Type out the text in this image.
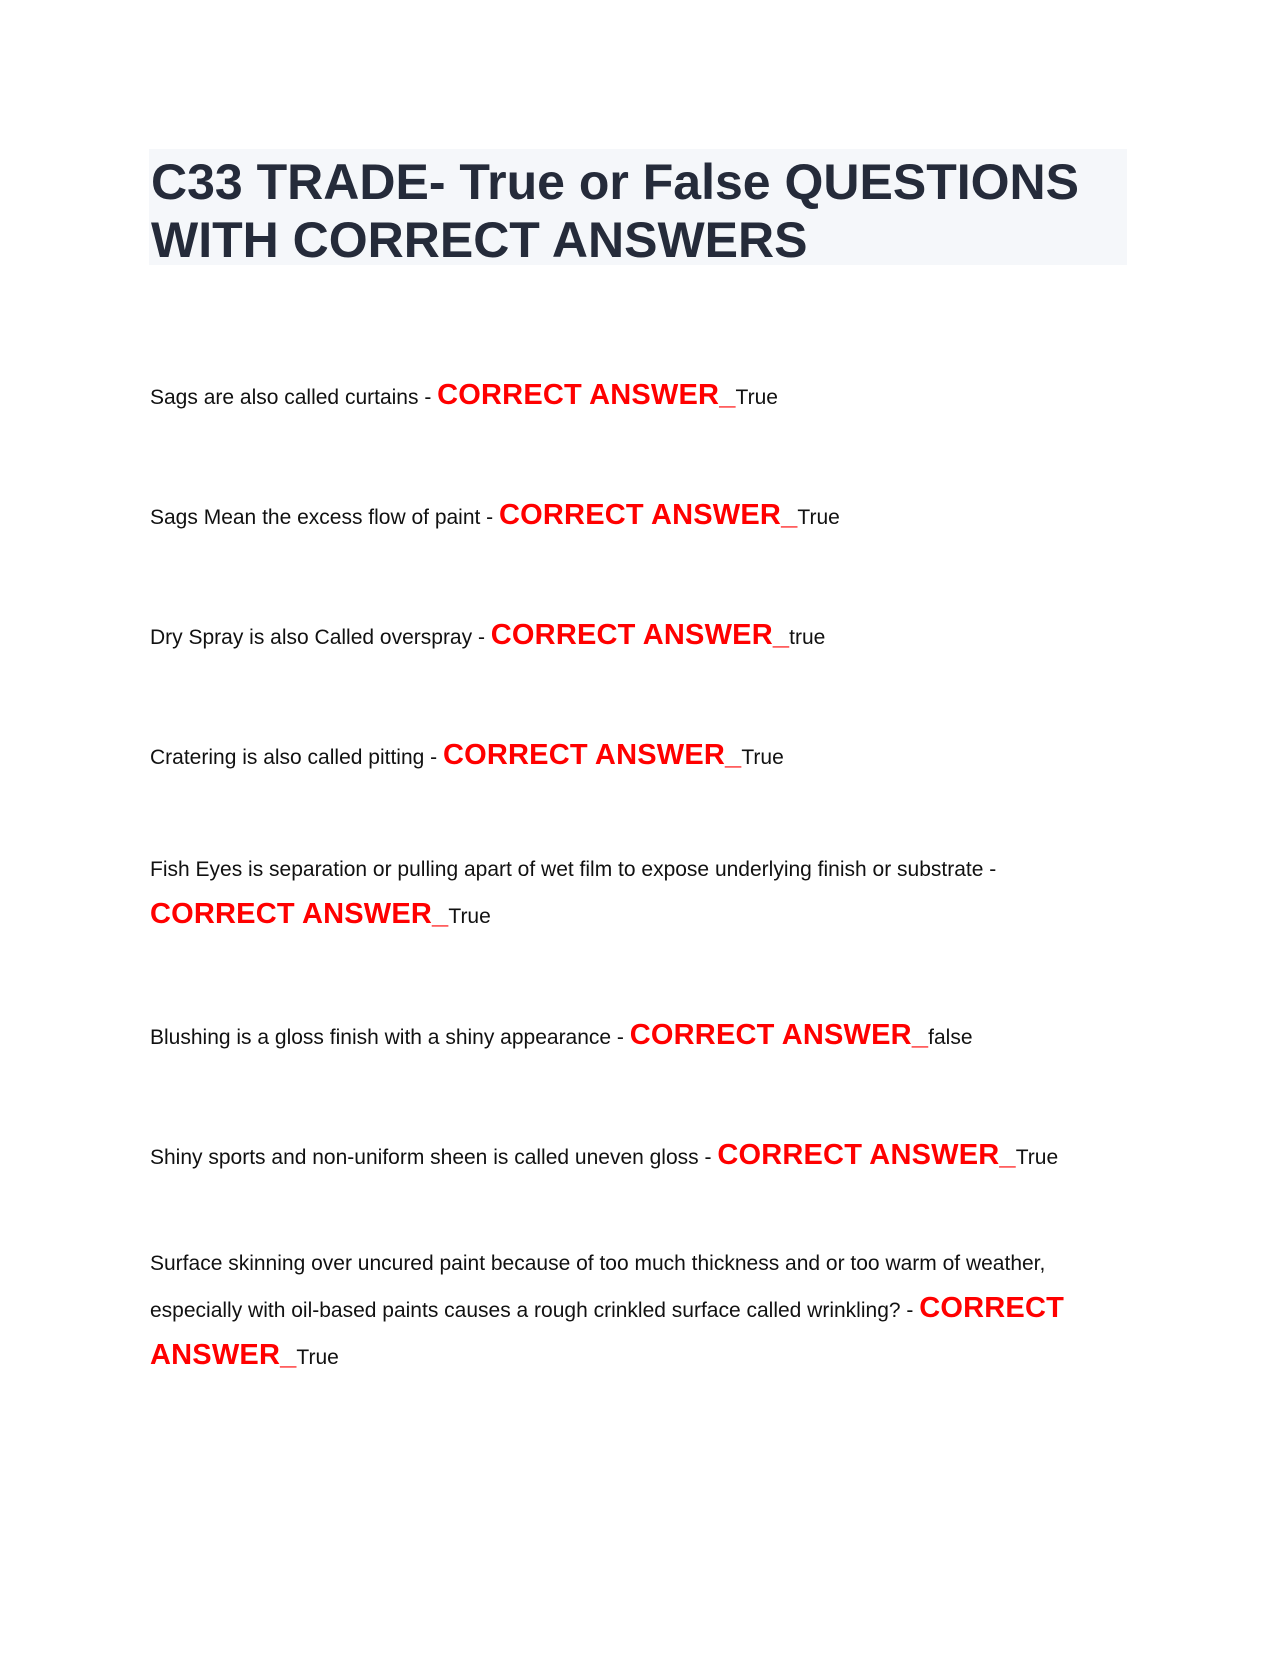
C33 TRADE- True or False QUESTIONS WITH CORRECT ANSWERS
Sags are also called curtains - CORRECT ANSWER_True
Sags Mean the excess flow of paint - CORRECT ANSWER_True
Dry Spray is also Called overspray - CORRECT ANSWER_true
Cratering is also called pitting - CORRECT ANSWER_True
Fish Eyes is separation or pulling apart of wet film to expose underlying finish or substrate - CORRECT ANSWER_True
Blushing is a gloss finish with a shiny appearance - CORRECT ANSWER_false
Shiny sports and non-uniform sheen is called uneven gloss - CORRECT ANSWER_True
Surface skinning over uncured paint because of too much thickness and or too warm of weather, especially with oil-based paints causes a rough crinkled surface called wrinkling? - CORRECT ANSWER_True
